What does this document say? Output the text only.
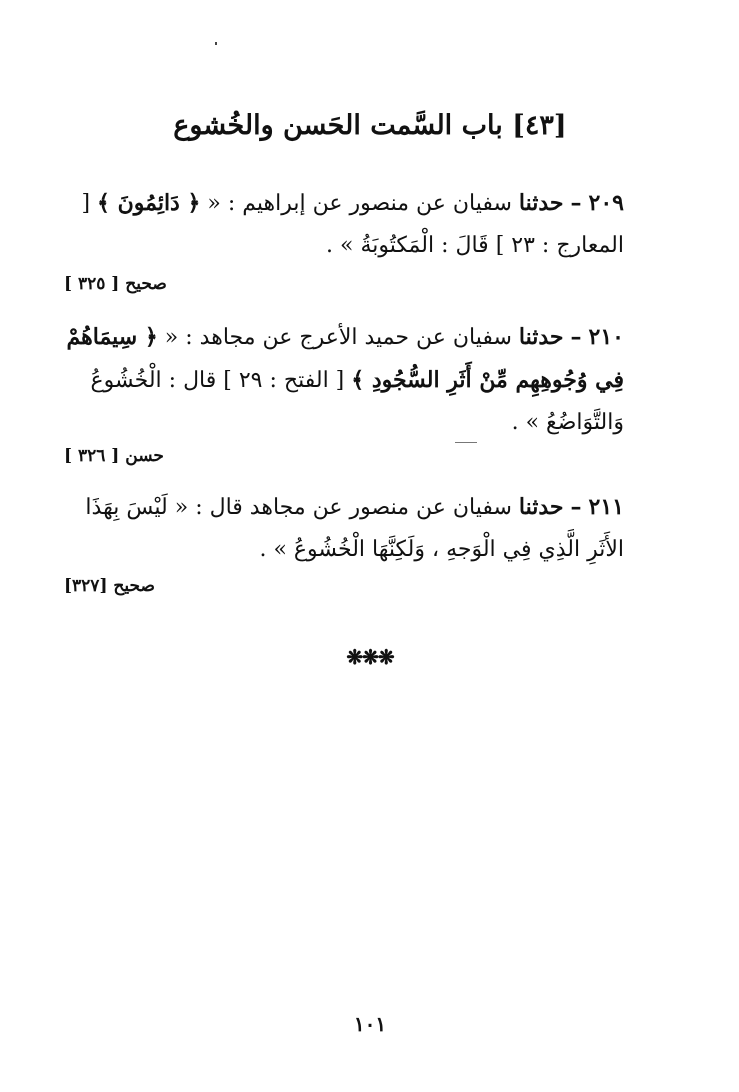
[٤٣] باب السَّمت الحَسن والخُشوع
٢٠٩ – حدثنا سفيان عن منصور عن إبراهيم : « ﴿ دَائِمُونَ ﴾ [ المعارج : ٢٣ ] قَالَ : الْمَكتُوبَةُ » .
صحيح [ ٣٢٥ ]
٢١٠ – حدثنا سفيان عن حميد الأعرج عن مجاهد : « ﴿ سِيمَاهُمْ فِي وُجُوهِهِم مِّنْ أَثَرِ السُّجُودِ ﴾ [ الفتح : ٢٩ ] قال : الْخُشُوعُ وَالتَّوَاضُعُ » .
حسن [ ٣٢٦ ]
٢١١ – حدثنا سفيان عن منصور عن مجاهد قال : « لَيْسَ بِهَذَا الأَثَرِ الَّذِي فِي الْوَجهِ ، وَلَكِنَّهَا الْخُشُوعُ » .
صحيح [٣٢٧]
❋❋❋
١٠١
